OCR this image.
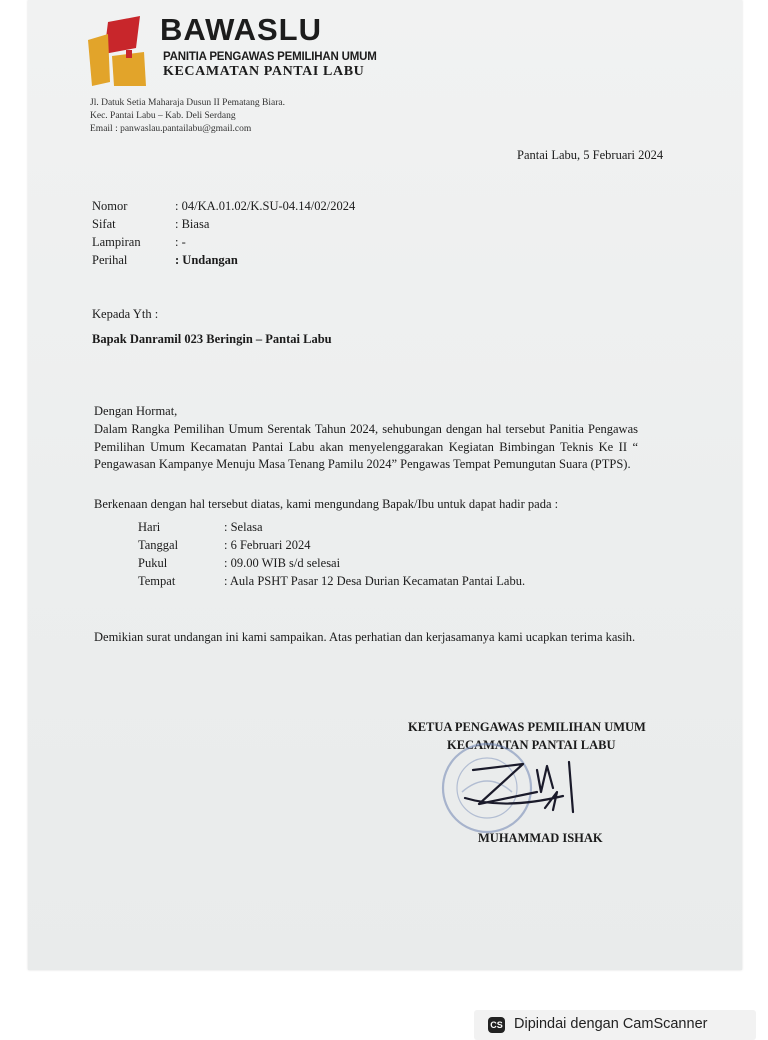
BAWASLU
PANITIA PENGAWAS PEMILIHAN UMUM
KECAMATAN PANTAI LABU
Jl. Datuk Setia Maharaja Dusun II Pematang Biara.
Kec. Pantai Labu – Kab. Deli Serdang
Email : panwaslau.pantailabu@gmail.com
Pantai Labu, 5 Februari 2024
Nomor	: 04/KA.01.02/K.SU-04.14/02/2024
Sifat	: Biasa
Lampiran	: -
Perihal	: Undangan
Kepada Yth :
Bapak Danramil 023 Beringin – Pantai Labu
Dengan Hormat,
Dalam Rangka Pemilihan Umum Serentak Tahun 2024, sehubungan dengan hal tersebut Panitia Pengawas Pemilihan Umum Kecamatan Pantai Labu akan menyelenggarakan Kegiatan Bimbingan Teknis Ke II “ Pengawasan Kampanye Menuju Masa Tenang Pamilu 2024” Pengawas Tempat Pemungutan Suara (PTPS).
Berkenaan dengan hal tersebut diatas, kami mengundang Bapak/Ibu untuk dapat hadir pada :
Hari	: Selasa
Tanggal	: 6 Februari 2024
Pukul	: 09.00 WIB s/d selesai
Tempat	: Aula PSHT Pasar 12 Desa Durian Kecamatan Pantai Labu.
Demikian surat undangan ini kami sampaikan. Atas perhatian dan kerjasamanya kami ucapkan terima kasih.
KETUA PENGAWAS PEMILIHAN UMUM
KECAMATAN PANTAI LABU
MUHAMMAD ISHAK
CS Dipindai dengan CamScanner
